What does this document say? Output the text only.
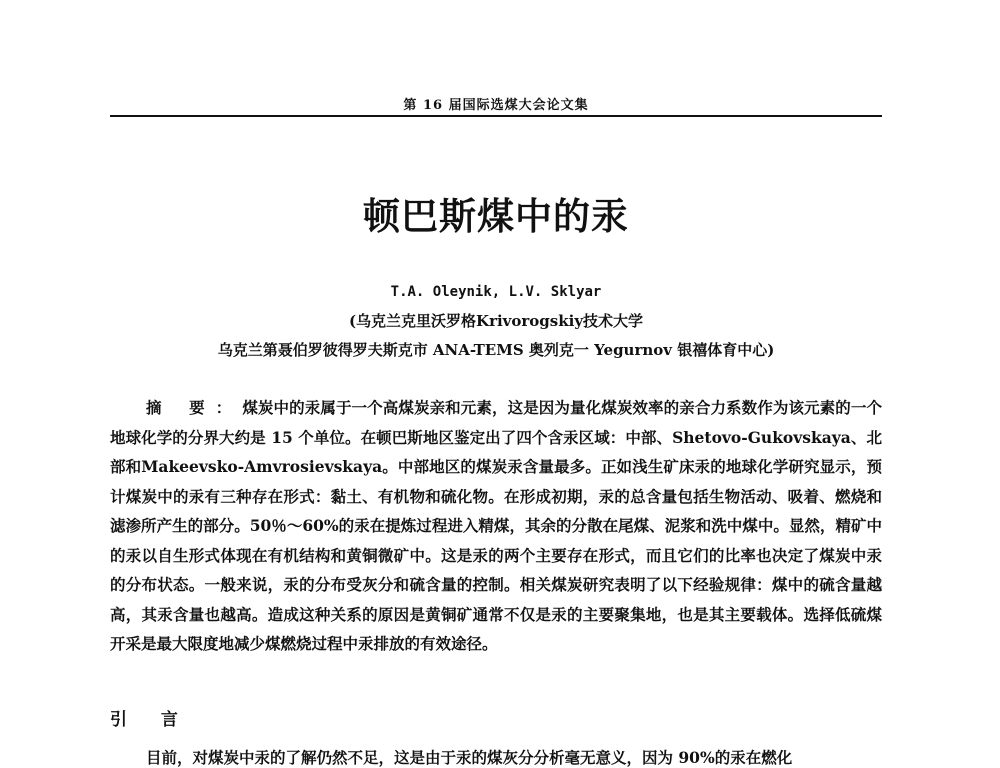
第 16 届国际选煤大会论文集
顿巴斯煤中的汞
T.A. Oleynik, L.V. Sklyar
(乌克兰克里沃罗格Krivorogskiy技术大学
乌克兰第聂伯罗彼得罗夫斯克市 ANA-TEMS 奥列克一 Yegurnov 银禧体育中心)
摘 要：煤炭中的汞属于一个高煤炭亲和元素，这是因为量化煤炭效率的亲合力系数作为该元素的一个地球化学的分界大约是 15 个单位。在顿巴斯地区鉴定出了四个含汞区域：中部、Shetovo-Gukovskaya、北部和Makeevsko-Amvrosievskaya。中部地区的煤炭汞含量最多。正如浅生矿床汞的地球化学研究显示，预计煤炭中的汞有三种存在形式：黏土、有机物和硫化物。在形成初期，汞的总含量包括生物活动、吸着、燃烧和滤渗所产生的部分。50％～60%的汞在提炼过程进入精煤，其余的分散在尾煤、泥浆和洗中煤中。显然，精矿中的汞以自生形式体现在有机结构和黄铜微矿中。这是汞的两个主要存在形式，而且它们的比率也决定了煤炭中汞的分布状态。一般来说，汞的分布受灰分和硫含量的控制。相关煤炭研究表明了以下经验规律：煤中的硫含量越高，其汞含量也越高。造成这种关系的原因是黄铜矿通常不仅是汞的主要聚集地，也是其主要载体。选择低硫煤开采是最大限度地减少煤燃烧过程中汞排放的有效途径。
引 言
目前，对煤炭中汞的了解仍然不足，这是由于汞的煤灰分分析毫无意义，因为 90%的汞在燃化
